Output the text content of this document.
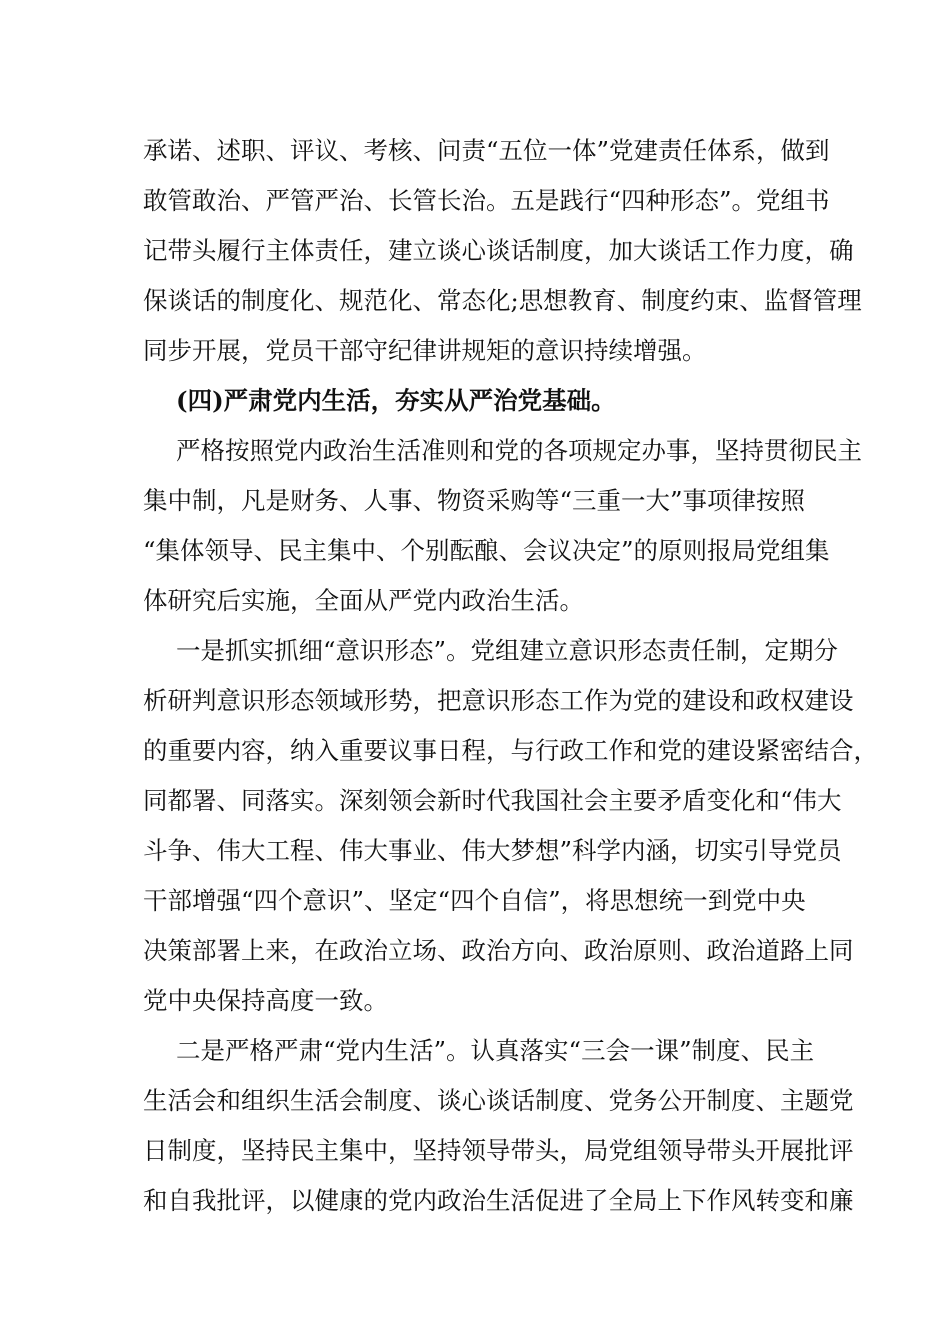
承诺、述职、评议、考核、问责“五位一体”党建责任体系，做到
敢管敢治、严管严治、长管长治。五是践行“四种形态”。党组书
记带头履行主体责任，建立谈心谈话制度，加大谈话工作力度，确
保谈话的制度化、规范化、常态化;思想教育、制度约束、监督管理
同步开展，党员干部守纪律讲规矩的意识持续增强。
(四)严肃党内生活，夯实从严治党基础。
严格按照党内政治生活准则和党的各项规定办事，坚持贯彻民主
集中制，凡是财务、人事、物资采购等“三重一大”事项律按照
“集体领导、民主集中、个别酝酿、会议决定”的原则报局党组集
体研究后实施，全面从严党内政治生活。
一是抓实抓细“意识形态”。党组建立意识形态责任制，定期分
析研判意识形态领域形势，把意识形态工作为党的建设和政权建设
的重要内容，纳入重要议事日程，与行政工作和党的建设紧密结合，
同都署、同落实。深刻领会新时代我国社会主要矛盾变化和“伟大
斗争、伟大工程、伟大事业、伟大梦想”科学内涵，切实引导党员
干部增强“四个意识”、坚定“四个自信”，将思想统一到党中央
决策部署上来，在政治立场、政治方向、政治原则、政治道路上同
党中央保持高度一致。
二是严格严肃“党内生活”。认真落实“三会一课”制度、民主
生活会和组织生活会制度、谈心谈话制度、党务公开制度、主题党
日制度，坚持民主集中，坚持领导带头，局党组领导带头开展批评
和自我批评，以健康的党内政治生活促进了全局上下作风转变和廉
